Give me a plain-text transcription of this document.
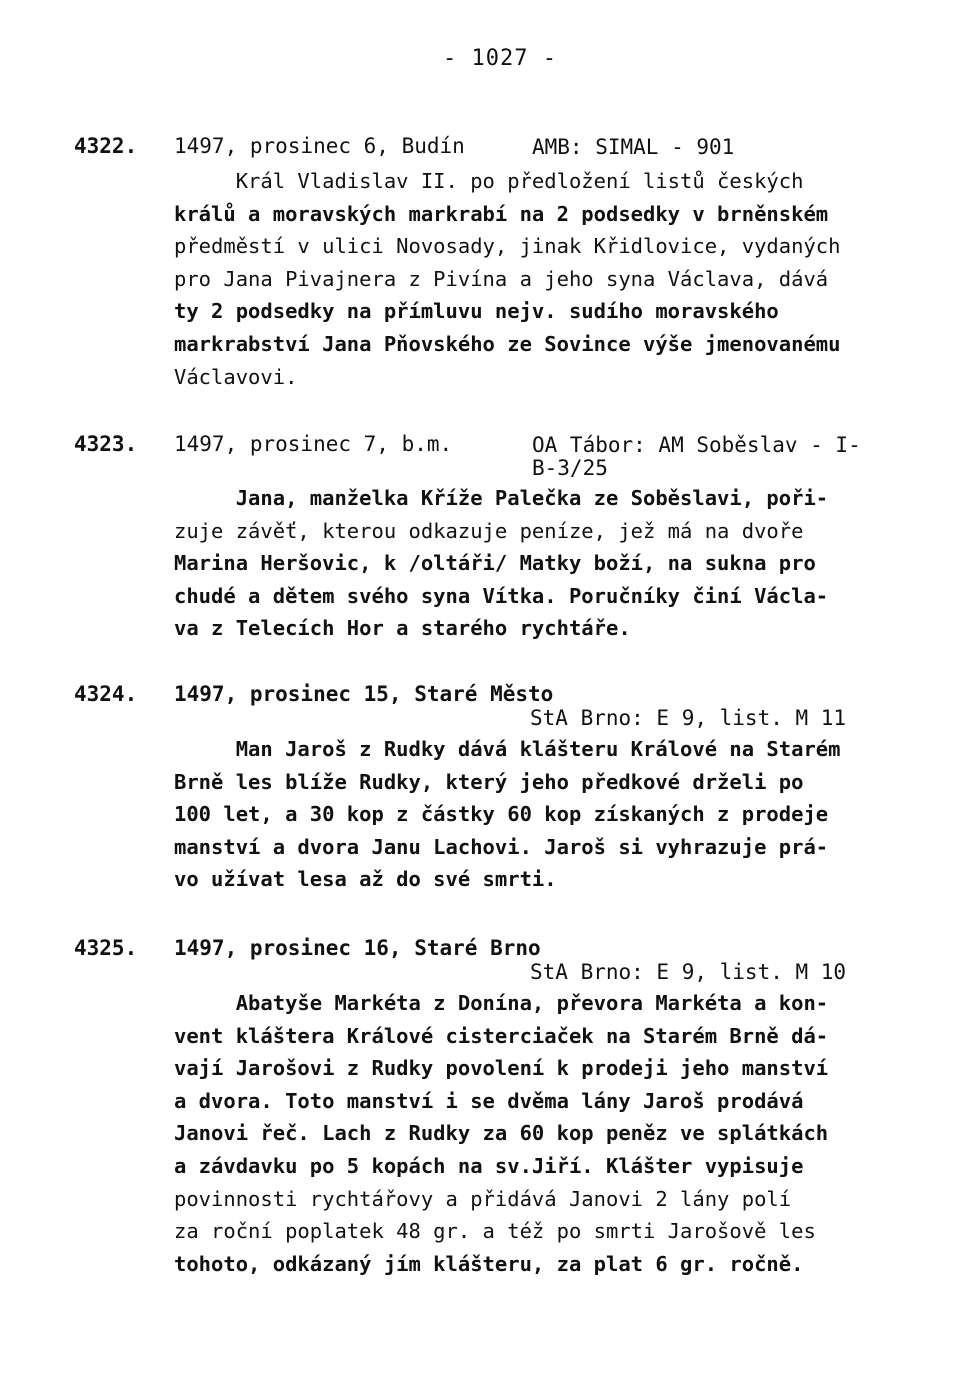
- 1027 -
4322. 1497, prosinec 6, Budín	AMB: SIMAL - 901
Král Vladislav II. po předložení listů českých
králů a moravských markrabí na 2 podsedky v brněnském
předměstí v ulici Novosady, jinak Křidlovice, vydaných
pro Jana Pivajnera z Pivína a jeho syna Václava, dává
ty 2 podsedky na přímluvu nejv. sudího moravského
markrabství Jana Pňovského ze Sovince výše jmenovanému
Václavovi.
4323. 1497, prosinec 7, b.m.	OA Tábor: AM Soběslav - I-
B-3/25
Jana, manželka Kříže Palečka ze Soběslavi, poři-
zuje závěť, kterou odkazuje peníze, jež má na dvoře
Marina Heršovic, k /oltáři/ Matky boží, na sukna pro
chudé a dětem svého syna Vítka. Poručníky činí Václa-
va z Telecích Hor a starého rychtáře.
4324. 1497, prosinec 15, Staré Město
StA Brno: E 9, list. M 11
Man Jaroš z Rudky dává klášteru Králové na Starém
Brně les blíže Rudky, který jeho předkové drželi po
100 let, a 30 kop z částky 60 kop získaných z prodeje
manství a dvora Janu Lachovi. Jaroš si vyhrazuje prá-
vo užívat lesa až do své smrti.
4325. 1497, prosinec 16, Staré Brno
StA Brno: E 9, list. M 10
Abatyše Markéta z Donína, převora Markéta a kon-
vent kláštera Králové cisterciaček na Starém Brně dá-
vají Jarošovi z Rudky povolení k prodeji jeho manství
a dvora. Toto manství i se dvěma lány Jaroš prodává
Janovi řeč. Lach z Rudky za 60 kop peněz ve splátkách
a závdavku po 5 kopách na sv.Jiří. Klášter vypisuje
povinnosti rychtářovy a přidává Janovi 2 lány polí
za roční poplatek 48 gr. a též po smrti Jarošově les
tohoto, odkázaný jím klášteru, za plat 6 gr. ročně.
